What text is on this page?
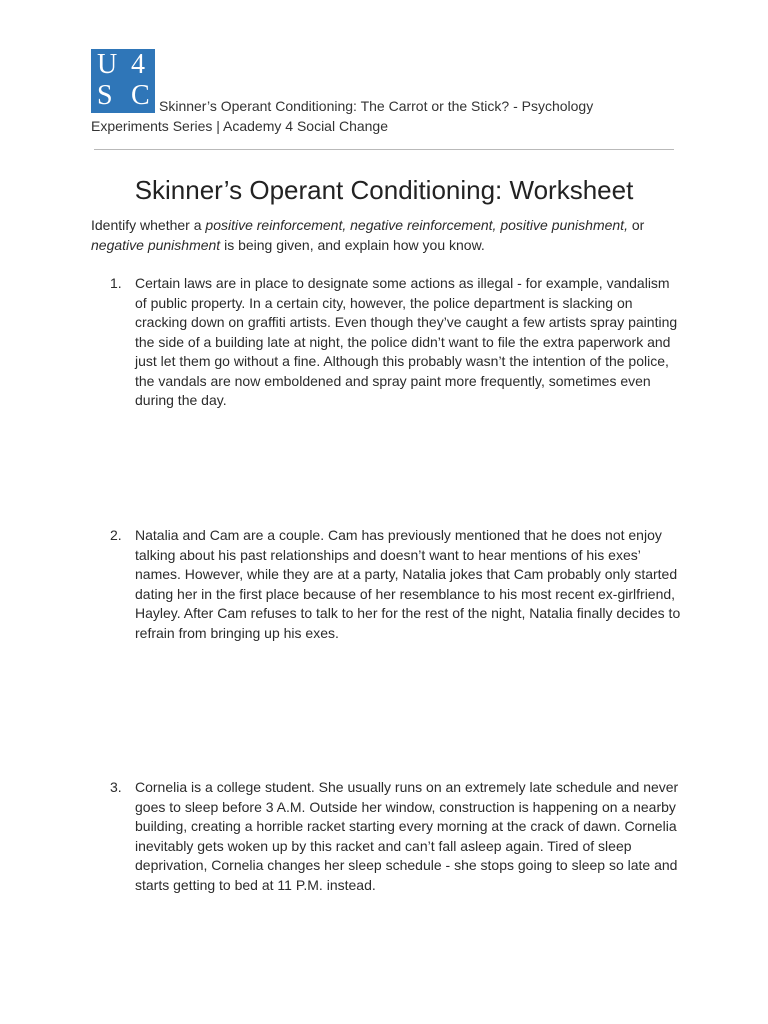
U 4
S C Skinner’s Operant Conditioning: The Carrot or the Stick? - Psychology
Experiments Series | Academy 4 Social Change
Skinner’s Operant Conditioning: Worksheet
Identify whether a positive reinforcement, negative reinforcement, positive punishment, or negative punishment is being given, and explain how you know.
1. Certain laws are in place to designate some actions as illegal - for example, vandalism of public property. In a certain city, however, the police department is slacking on cracking down on graffiti artists. Even though they’ve caught a few artists spray painting the side of a building late at night, the police didn’t want to file the extra paperwork and just let them go without a fine. Although this probably wasn’t the intention of the police, the vandals are now emboldened and spray paint more frequently, sometimes even during the day.
2. Natalia and Cam are a couple. Cam has previously mentioned that he does not enjoy talking about his past relationships and doesn’t want to hear mentions of his exes’ names. However, while they are at a party, Natalia jokes that Cam probably only started dating her in the first place because of her resemblance to his most recent ex-girlfriend, Hayley. After Cam refuses to talk to her for the rest of the night, Natalia finally decides to refrain from bringing up his exes.
3. Cornelia is a college student. She usually runs on an extremely late schedule and never goes to sleep before 3 A.M. Outside her window, construction is happening on a nearby building, creating a horrible racket starting every morning at the crack of dawn. Cornelia inevitably gets woken up by this racket and can’t fall asleep again. Tired of sleep deprivation, Cornelia changes her sleep schedule - she stops going to sleep so late and starts getting to bed at 11 P.M. instead.
